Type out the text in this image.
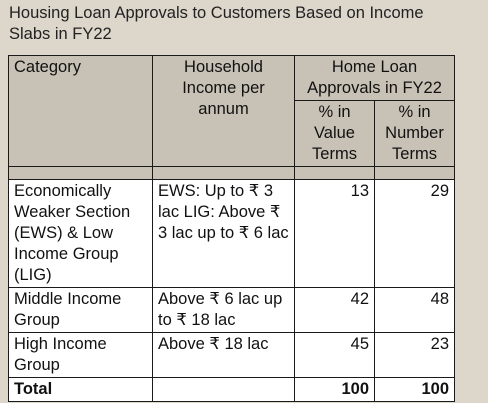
Housing Loan Approvals to Customers Based on Income Slabs in FY22
Category	Household Income per annum	Home Loan Approvals in FY22	
		% in Value Terms	% in Number Terms

Economically Weaker Section (EWS) & Low Income Group (LIG)	EWS: Up to ₹ 3 lac LIG: Above ₹ 3 lac up to ₹ 6 lac	13	29
Middle Income Group	Above ₹ 6 lac up to ₹ 18 lac	42	48
High Income Group	Above ₹ 18 lac	45	23
Total		100	100
